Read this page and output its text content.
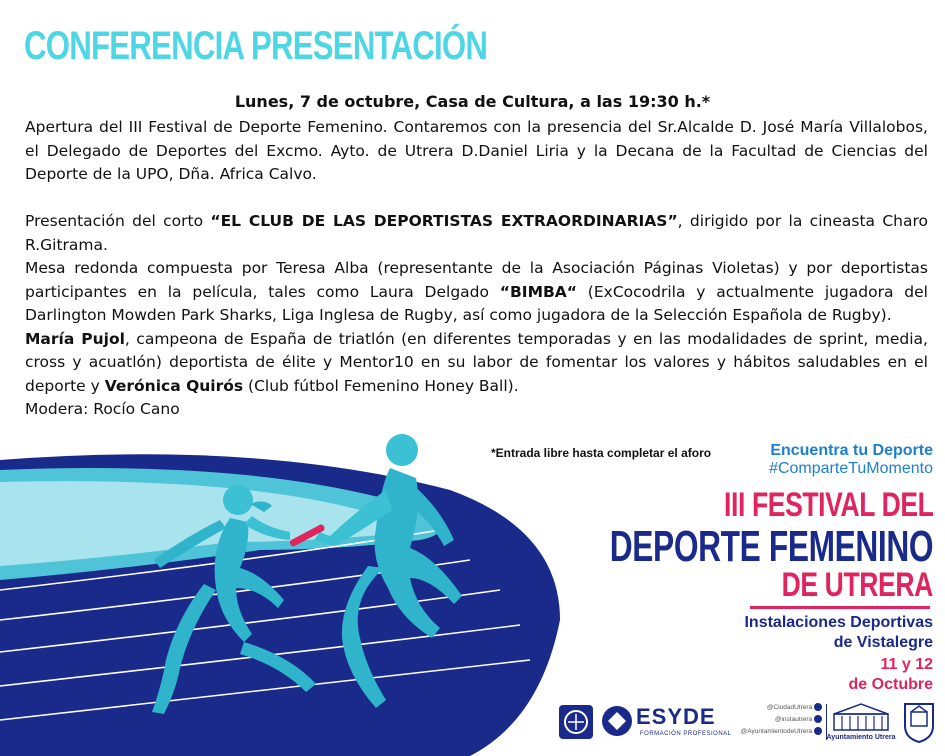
CONFERENCIA PRESENTACIÓN
Lunes, 7 de octubre, Casa de Cultura, a las 19:30 h.*

Apertura del III Festival de Deporte Femenino. Contaremos con la presencia del Sr.Alcalde D. José María Villalobos, el Delegado de Deportes del Excmo. Ayto. de Utrera D.Daniel Liria y la Decana de la Facultad de Ciencias del Deporte de la UPO, Dña. Africa Calvo.

Presentación del corto “EL CLUB DE LAS DEPORTISTAS EXTRAORDINARIAS”, dirigido por la cineasta Charo R.Gitrama.

Mesa redonda compuesta por Teresa Alba (representante de la Asociación Páginas Violetas) y por deportistas participantes en la película, tales como Laura Delgado “BIMBA“ (ExCocodrila y actualmente jugadora del Darlington Mowden Park Sharks, Liga Inglesa de Rugby, así como jugadora de la Selección Española de Rugby).

María Pujol, campeona de España de triatlón (en diferentes temporadas y en las modalidades de sprint, media, cross y acuatlón) deportista de élite y Mentor10 en su labor de fomentar los valores y hábitos saludables en el deporte y Verónica Quirós (Club fútbol Femenino Honey Ball).

Modera: Rocío Cano

*Entrada libre hasta completar el aforo	Encuentra tu Deporte
#ComparteTuMomento
III FESTIVAL DEL
DEPORTE FEMENINO
DE UTRERA
Instalaciones Deportivas
de Vistalegre
11 y 12
de Octubre
ESYDE
FORMACIÓN PROFESIONAL
@CiudadUtrera
@instautrera
@AyuntamientodeUtrera
Ayuntamiento Utrera
